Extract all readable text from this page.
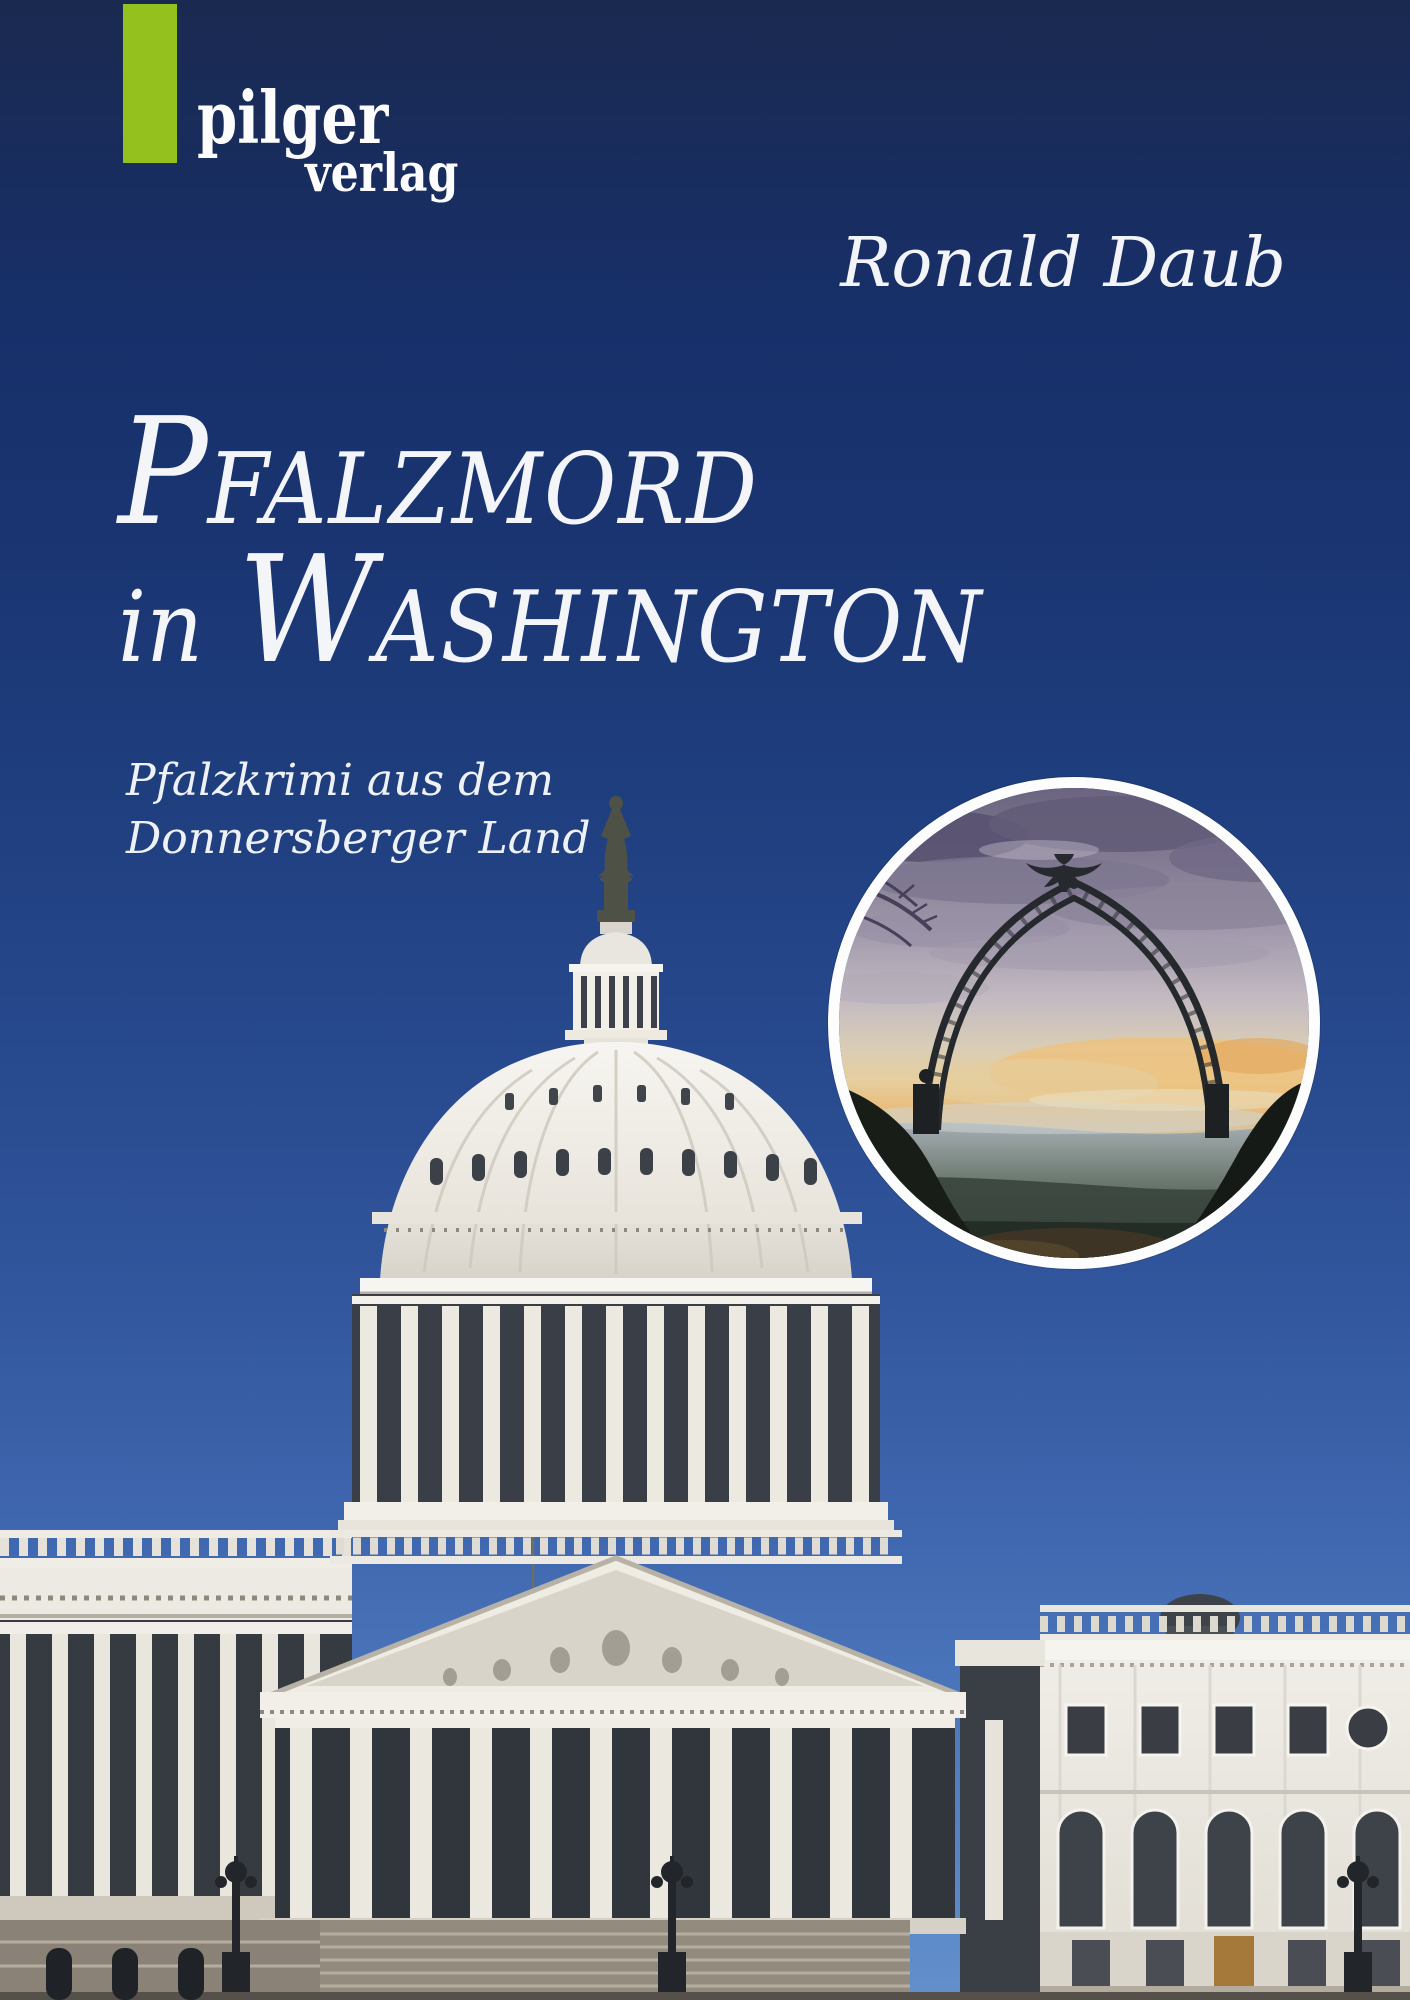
pilger
verlag
Ronald Daub
PFALZMORD
in WASHINGTON
Pfalzkrimi aus dem
Donnersberger Land
